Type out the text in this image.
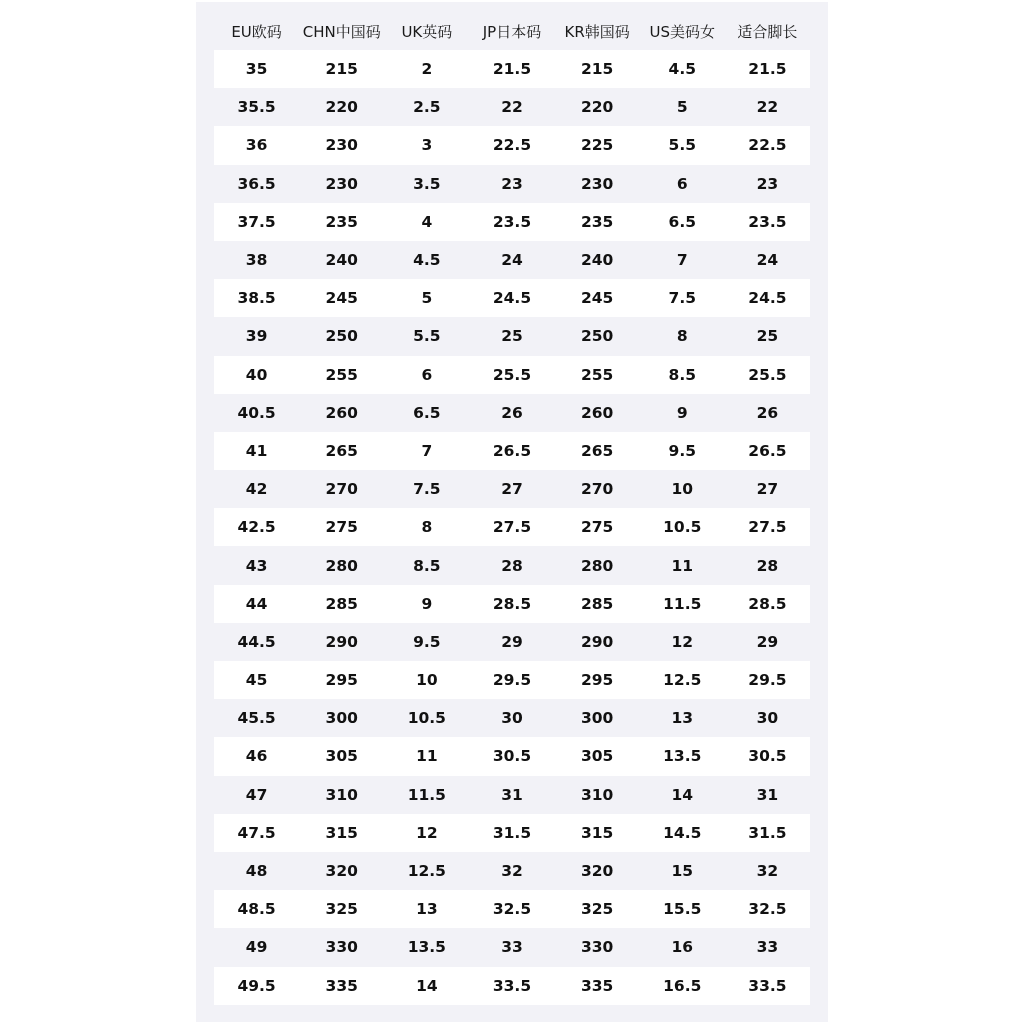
EU欧码	CHN中国码	UK英码	JP日本码	KR韩国码	US美码女	适合脚长
35	215	2	21.5	215	4.5	21.5
35.5	220	2.5	22	220	5	22
36	230	3	22.5	225	5.5	22.5
36.5	230	3.5	23	230	6	23
37.5	235	4	23.5	235	6.5	23.5
38	240	4.5	24	240	7	24
38.5	245	5	24.5	245	7.5	24.5
39	250	5.5	25	250	8	25
40	255	6	25.5	255	8.5	25.5
40.5	260	6.5	26	260	9	26
41	265	7	26.5	265	9.5	26.5
42	270	7.5	27	270	10	27
42.5	275	8	27.5	275	10.5	27.5
43	280	8.5	28	280	11	28
44	285	9	28.5	285	11.5	28.5
44.5	290	9.5	29	290	12	29
45	295	10	29.5	295	12.5	29.5
45.5	300	10.5	30	300	13	30
46	305	11	30.5	305	13.5	30.5
47	310	11.5	31	310	14	31
47.5	315	12	31.5	315	14.5	31.5
48	320	12.5	32	320	15	32
48.5	325	13	32.5	325	15.5	32.5
49	330	13.5	33	330	16	33
49.5	335	14	33.5	335	16.5	33.5
